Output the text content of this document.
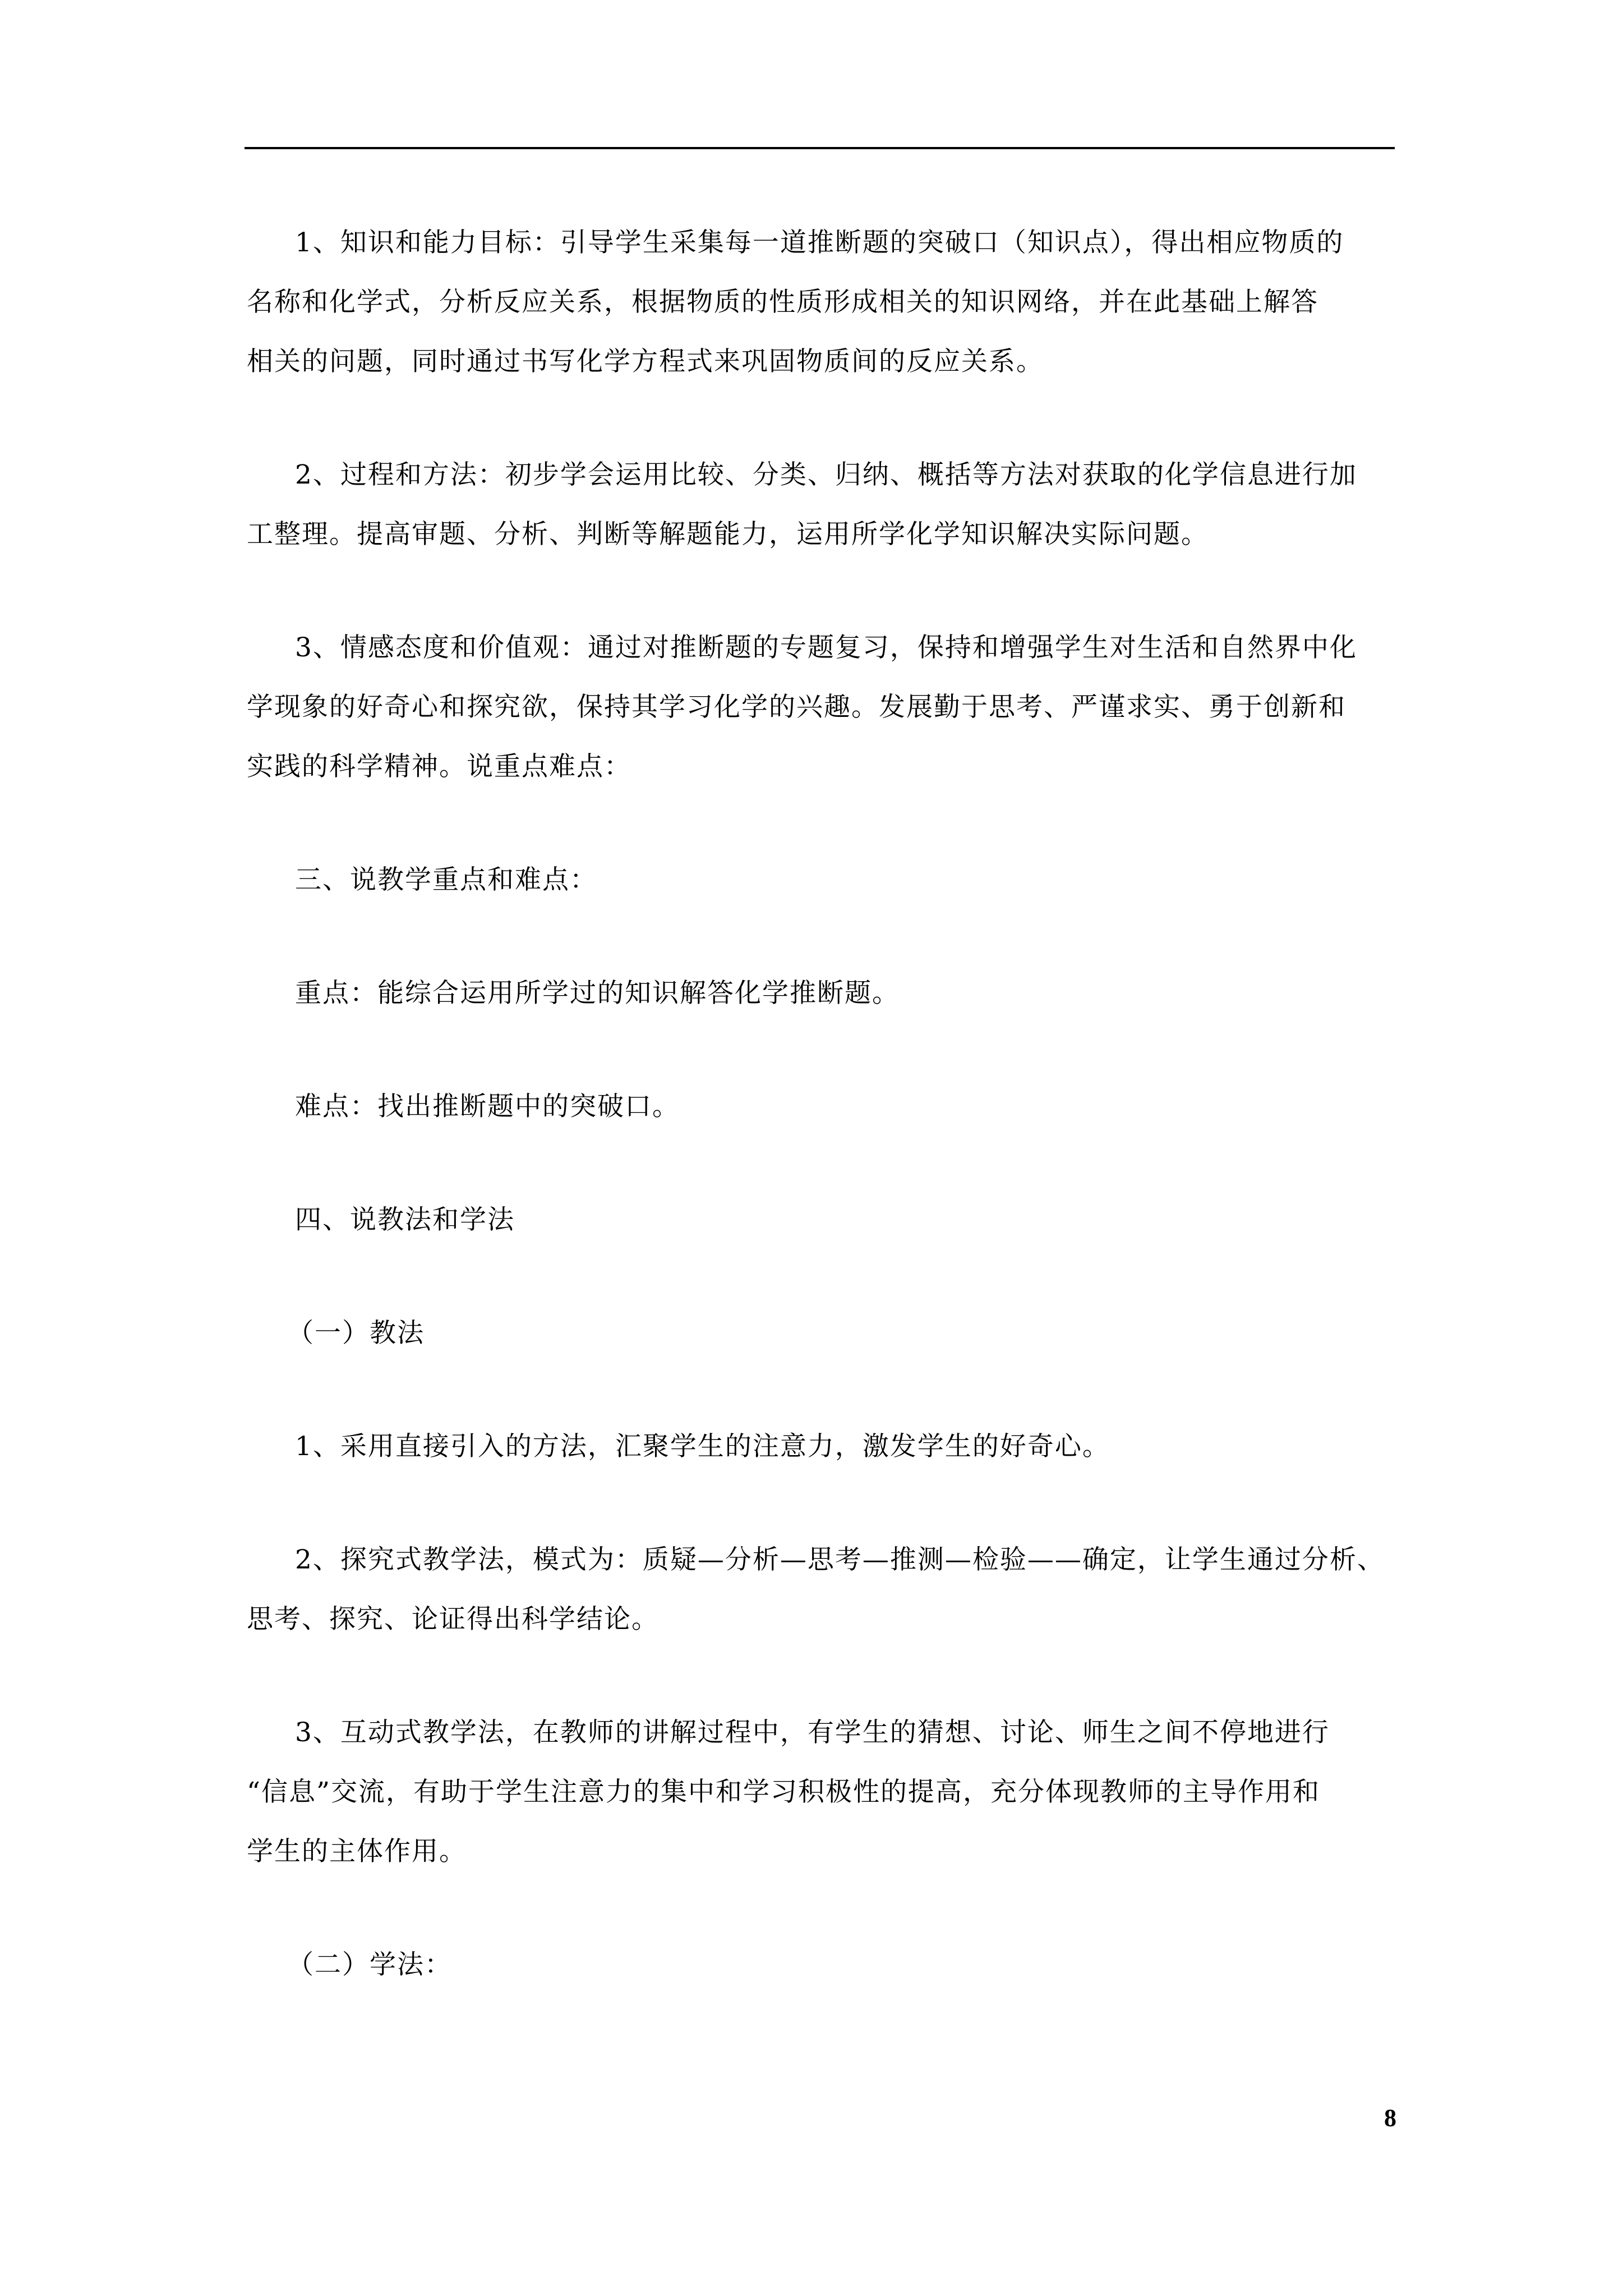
1、知识和能力目标：引导学生采集每一道推断题的突破口（知识点），得出相应物质的
名称和化学式，分析反应关系，根据物质的性质形成相关的知识网络，并在此基础上解答
相关的问题，同时通过书写化学方程式来巩固物质间的反应关系。

2、过程和方法：初步学会运用比较、分类、归纳、概括等方法对获取的化学信息进行加
工整理。提高审题、分析、判断等解题能力，运用所学化学知识解决实际问题。

3、情感态度和价值观：通过对推断题的专题复习，保持和增强学生对生活和自然界中化
学现象的好奇心和探究欲，保持其学习化学的兴趣。发展勤于思考、严谨求实、勇于创新和
实践的科学精神。说重点难点：

三、说教学重点和难点：

重点：能综合运用所学过的知识解答化学推断题。

难点：找出推断题中的突破口。

四、说教法和学法

（一）教法

1、采用直接引入的方法，汇聚学生的注意力，激发学生的好奇心。

2、探究式教学法，模式为：质疑—分析—思考—推测—检验——确定，让学生通过分析、
思考、探究、论证得出科学结论。

3、互动式教学法，在教师的讲解过程中，有学生的猜想、讨论、师生之间不停地进行
“信息”交流，有助于学生注意力的集中和学习积极性的提高，充分体现教师的主导作用和
学生的主体作用。

（二）学法：

8
